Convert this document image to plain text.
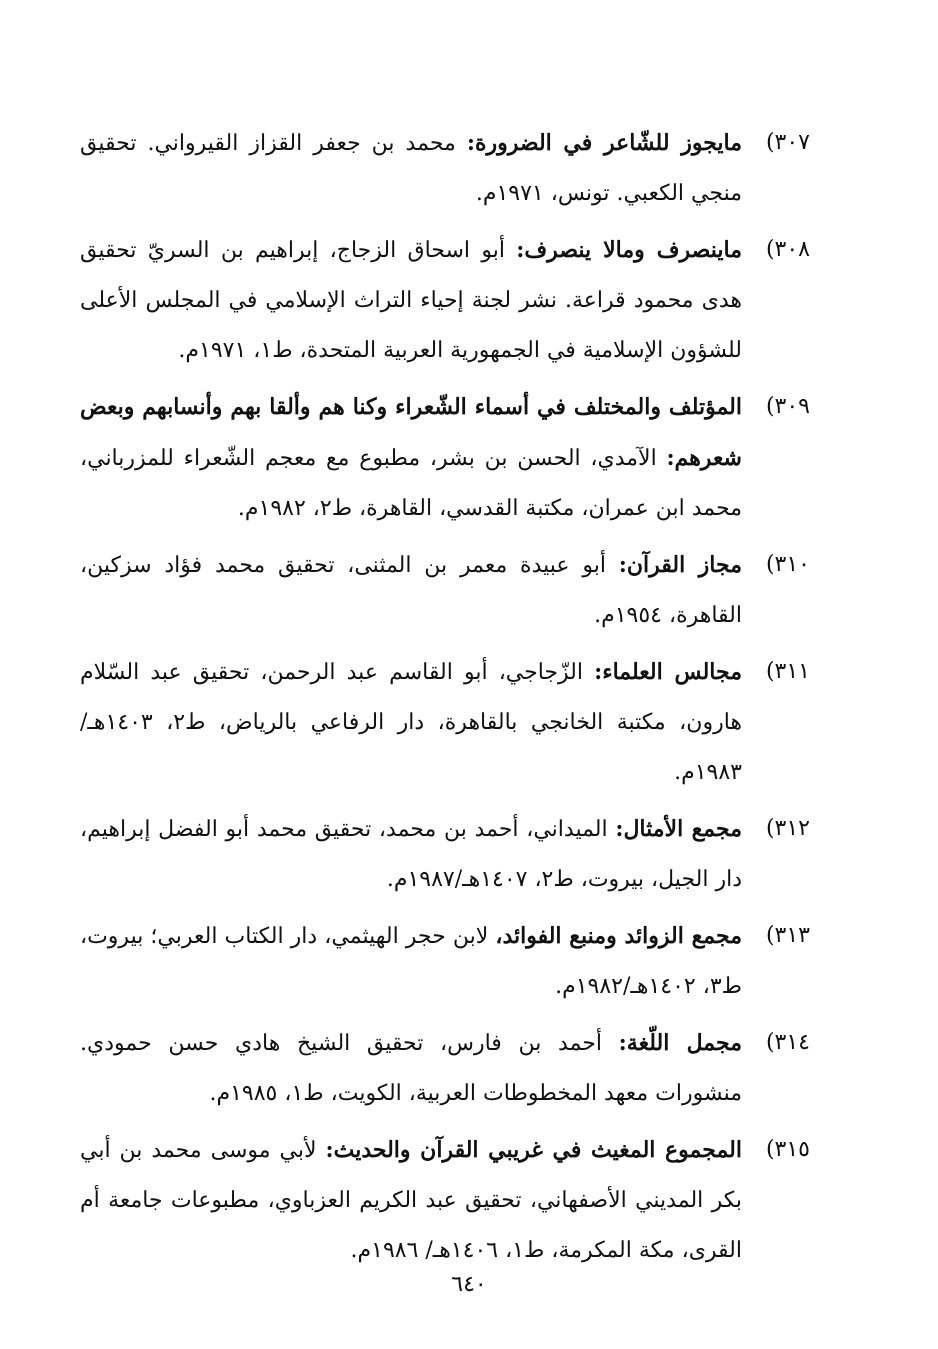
٣٠٧)
مايجوز للشّاعر في الضرورة: محمد بن جعفر القزاز القيرواني. تحقيق منجي الكعبي. تونس، ١٩٧١م.
٣٠٨)
ماينصرف ومالا ينصرف: أبو اسحاق الزجاج، إبراهيم بن السريّ تحقيق هدى محمود قراعة. نشر لجنة إحياء التراث الإسلامي في المجلس الأعلى للشؤون الإسلامية في الجمهورية العربية المتحدة، ط١، ١٩٧١م.
٣٠٩)
المؤتلف والمختلف في أسماء الشّعراء وكنا هم وألقا بهم وأنسابهم وبعض شعرهم: الآمدي، الحسن بن بشر، مطبوع مع معجم الشّعراء للمزرباني، محمد ابن عمران، مكتبة القدسي، القاهرة، ط٢، ١٩٨٢م.
٣١٠)
مجاز القرآن: أبو عبيدة معمر بن المثنى، تحقيق محمد فؤاد سزكين، القاهرة، ١٩٥٤م.
٣١١)
مجالس العلماء: الزّجاجي، أبو القاسم عبد الرحمن، تحقيق عبد السّلام هارون، مكتبة الخانجي بالقاهرة، دار الرفاعي بالرياض، ط٢، ١٤٠٣هـ/١٩٨٣م.
٣١٢)
مجمع الأمثال: الميداني، أحمد بن محمد، تحقيق محمد أبو الفضل إبراهيم، دار الجيل، بيروت، ط٢، ١٤٠٧هـ/١٩٨٧م.
٣١٣)
مجمع الزوائد ومنبع الفوائد، لابن حجر الهيثمي، دار الكتاب العربي؛ بيروت، ط٣، ١٤٠٢هـ/١٩٨٢م.
٣١٤)
مجمل اللّغة: أحمد بن فارس، تحقيق الشيخ هادي حسن حمودي. منشورات معهد المخطوطات العربية، الكويت، ط١، ١٩٨٥م.
٣١٥)
المجموع المغيث في غريبي القرآن والحديث: لأبي موسى محمد بن أبي بكر المديني الأصفهاني، تحقيق عبد الكريم العزباوي، مطبوعات جامعة أم القرى، مكة المكرمة، ط١، ١٤٠٦هـ/ ١٩٨٦م.
٦٤٠
